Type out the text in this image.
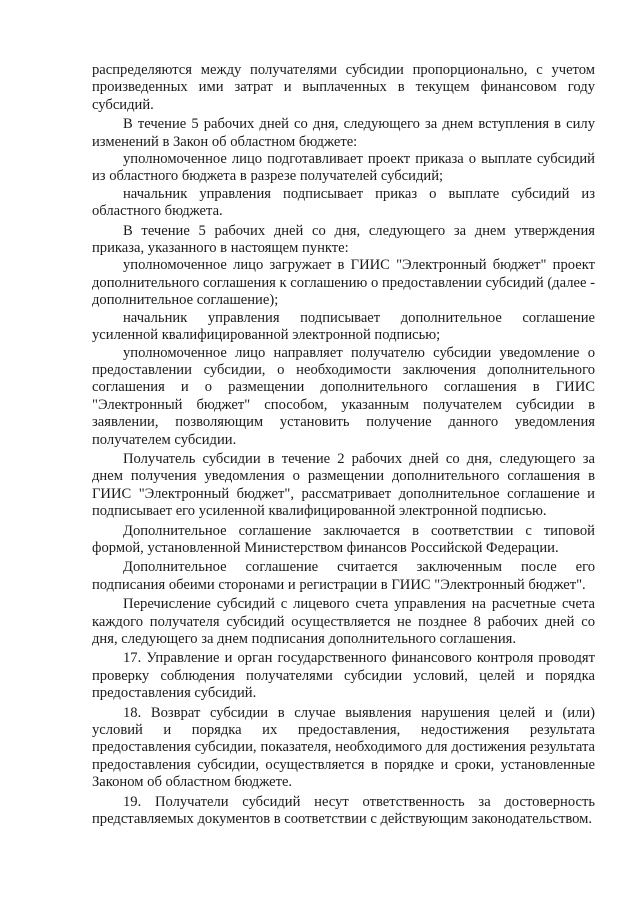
распределяются между получателями субсидии пропорционально, с учетом произведенных ими затрат и выплаченных в текущем финансовом году субсидий.

В течение 5 рабочих дней со дня, следующего за днем вступления в силу изменений в Закон об областном бюджете:

уполномоченное лицо подготавливает проект приказа о выплате субсидий из областного бюджета в разрезе получателей субсидий;

начальник управления подписывает приказ о выплате субсидий из областного бюджета.

В течение 5 рабочих дней со дня, следующего за днем утверждения приказа, указанного в настоящем пункте:

уполномоченное лицо загружает в ГИИС "Электронный бюджет" проект дополнительного соглашения к соглашению о предоставлении субсидий (далее - дополнительное соглашение);

начальник управления подписывает дополнительное соглашение усиленной квалифицированной электронной подписью;

уполномоченное лицо направляет получателю субсидии уведомление о предоставлении субсидии, о необходимости заключения дополнительного соглашения и о размещении дополнительного соглашения в ГИИС "Электронный бюджет" способом, указанным получателем субсидии в заявлении, позволяющим установить получение данного уведомления получателем субсидии.

Получатель субсидии в течение 2 рабочих дней со дня, следующего за днем получения уведомления о размещении дополнительного соглашения в ГИИС "Электронный бюджет", рассматривает дополнительное соглашение и подписывает его усиленной квалифицированной электронной подписью.

Дополнительное соглашение заключается в соответствии с типовой формой, установленной Министерством финансов Российской Федерации.

Дополнительное соглашение считается заключенным после его подписания обеими сторонами и регистрации в ГИИС "Электронный бюджет".

Перечисление субсидий с лицевого счета управления на расчетные счета каждого получателя субсидий осуществляется не позднее 8 рабочих дней со дня, следующего за днем подписания дополнительного соглашения.

17. Управление и орган государственного финансового контроля проводят проверку соблюдения получателями субсидии условий, целей и порядка предоставления субсидий.

18. Возврат субсидии в случае выявления нарушения целей и (или) условий и порядка их предоставления, недостижения результата предоставления субсидии, показателя, необходимого для достижения результата предоставления субсидии, осуществляется в порядке и сроки, установленные Законом об областном бюджете.

19. Получатели субсидий несут ответственность за достоверность представляемых документов в соответствии с действующим законодательством.
